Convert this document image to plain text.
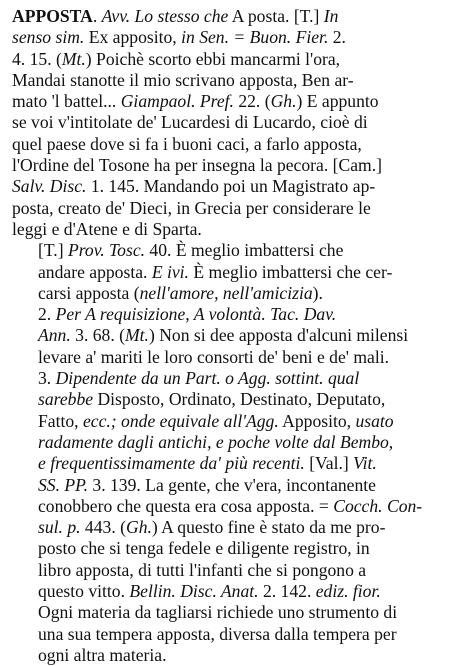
APPOSTA. Avv. Lo stesso che A posta. [T.] In
senso sim. Ex apposito, in Sen. = Buon. Fier. 2.
4. 15. (Mt.) Poichè scorto ebbi mancarmi l'ora,
Mandai stanotte il mio scrivano apposta, Ben ar-
mato 'l battel... Giampaol. Pref. 22. (Gh.) E appunto
se voi v'intitolate de' Lucardesi di Lucardo, cioè di
quel paese dove si fa i buoni caci, a farlo apposta,
l'Ordine del Tosone ha per insegna la pecora. [Cam.]
Salv. Disc. 1. 145. Mandando poi un Magistrato ap-
posta, creato de' Dieci, in Grecia per considerare le
leggi e d'Atene e di Sparta.
[T.] Prov. Tosc. 40. È meglio imbattersi che
andare apposta. E ivi. È meglio imbattersi che cer-
carsi apposta (nell'amore, nell'amicizia).
2. Per A requisizione, A volontà. Tac. Dav.
Ann. 3. 68. (Mt.) Non si dee apposta d'alcuni milensi
levare a' mariti le loro consorti de' beni e de' mali.
3. Dipendente da un Part. o Agg. sottint. qual
sarebbe Disposto, Ordinato, Destinato, Deputato,
Fatto, ecc.; onde equivale all'Agg. Apposito, usato
radamente dagli antichi, e poche volte dal Bembo,
e frequentissimamente da' più recenti. [Val.] Vit.
SS. PP. 3. 139. La gente, che v'era, incontanente
conobbero che questa era cosa apposta. = Cocch. Con-
sul. p. 443. (Gh.) A questo fine è stato da me pro-
posto che si tenga fedele e diligente registro, in
libro apposta, di tutti l'infanti che si pongono a
questo vitto. Bellin. Disc. Anat. 2. 142. ediz. fior.
Ogni materia da tagliarsi richiede uno strumento di
una sua tempera apposta, diversa dalla tempera per
ogni altra materia.
